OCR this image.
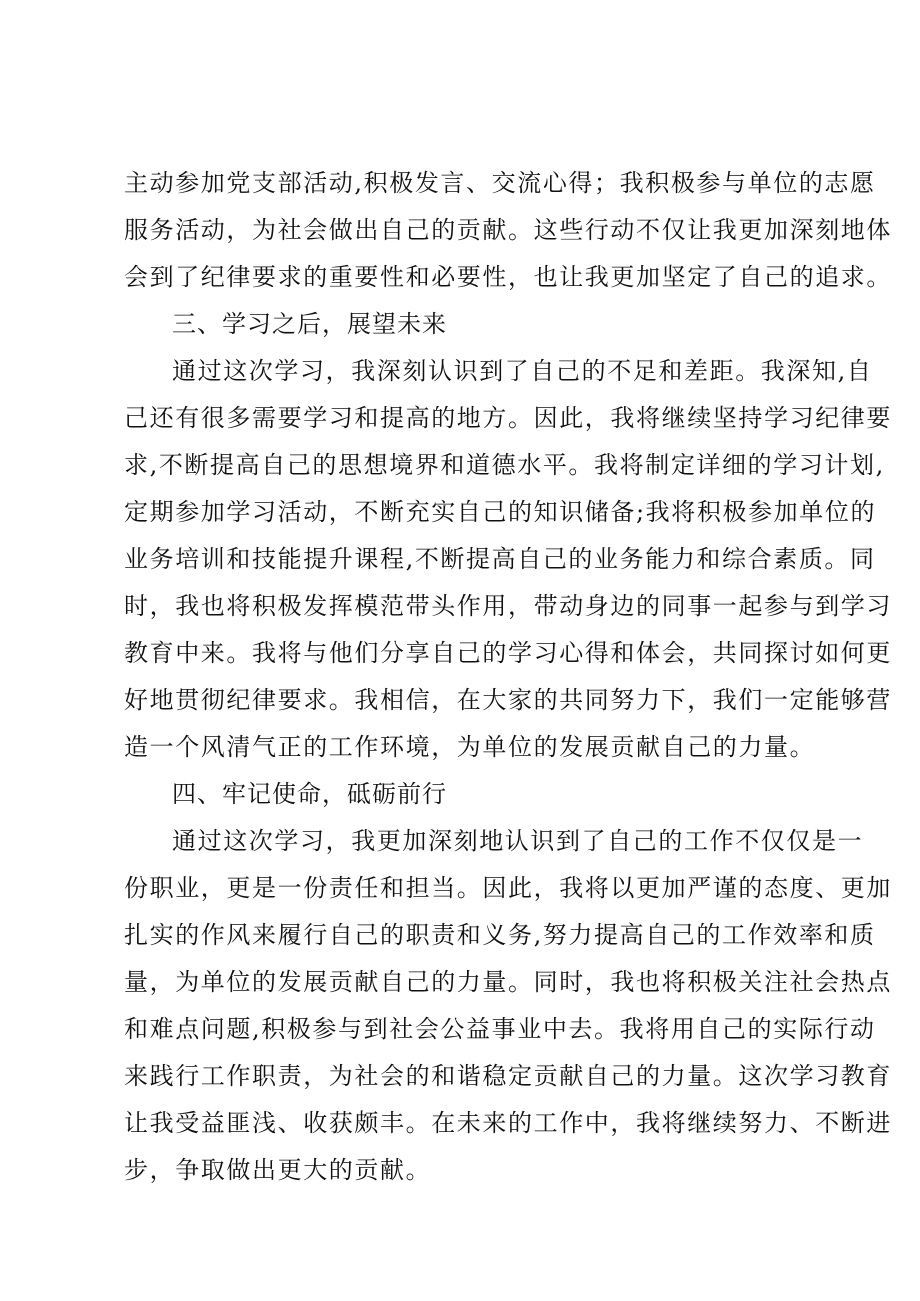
主动参加党支部活动,积极发言、交流心得；我积极参与单位的志愿
服务活动，为社会做出自己的贡献。这些行动不仅让我更加深刻地体
会到了纪律要求的重要性和必要性，也让我更加坚定了自己的追求。
三、学习之后，展望未来
通过这次学习，我深刻认识到了自己的不足和差距。我深知,自
己还有很多需要学习和提高的地方。因此，我将继续坚持学习纪律要
求,不断提高自己的思想境界和道德水平。我将制定详细的学习计划,
定期参加学习活动，不断充实自己的知识储备;我将积极参加单位的
业务培训和技能提升课程,不断提高自己的业务能力和综合素质。同
时，我也将积极发挥模范带头作用，带动身边的同事一起参与到学习
教育中来。我将与他们分享自己的学习心得和体会，共同探讨如何更
好地贯彻纪律要求。我相信，在大家的共同努力下，我们一定能够营
造一个风清气正的工作环境，为单位的发展贡献自己的力量。
四、牢记使命，砥砺前行
通过这次学习，我更加深刻地认识到了自己的工作不仅仅是一
份职业，更是一份责任和担当。因此，我将以更加严谨的态度、更加
扎实的作风来履行自己的职责和义务,努力提高自己的工作效率和质
量，为单位的发展贡献自己的力量。同时，我也将积极关注社会热点
和难点问题,积极参与到社会公益事业中去。我将用自己的实际行动
来践行工作职责，为社会的和谐稳定贡献自己的力量。这次学习教育
让我受益匪浅、收获颇丰。在未来的工作中，我将继续努力、不断进
步，争取做出更大的贡献。
